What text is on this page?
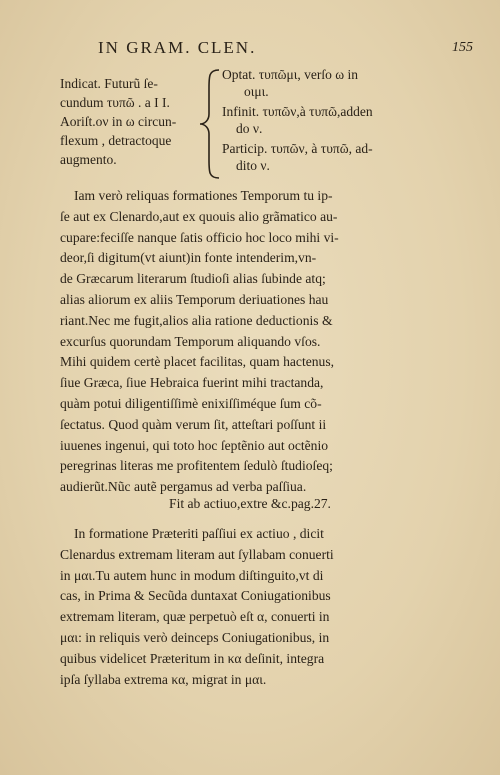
IN GRAM. CLEN.	155

Indicat. Futurũ ſe-

cundum τυπῶ . a I I.

Aoriſt.ον in ω circun-

flexum , detractoque

augmento.

Optat. τυπῶμι, verſo ω in
οιμι.
Infinit. τυπῶν,à τυπῶ,adden
do ν.
Particip. τυπῶν, à τυπῶ, ad-
dito ν.
Iam verò reliquas formationes Temporum tu ip-
ſe aut ex Clenardo,aut ex quouis alio grãmatico au-
cupare:feciſſe nanque ſatis officio hoc loco mihi vi-
deor,ſi digitum(vt aiunt)in fonte intenderim,vn-
de Græcarum literarum ſtudioſi alias ſubinde atq;
alias aliorum ex aliis Temporum deriuationes hau
riant.Nec me fugit,alios alia ratione deductionis &
excurſus quorundam Temporum aliquando vſos.
Mihi quidem certè placet facilitas, quam hactenus,
ſiue Græca, ſiue Hebraica fuerint mihi tractanda,
quàm potui diligentiſſimè enixiſſiméque ſum cõ-
ſectatus. Quod quàm verum ſit, atteſtari poſſunt ii
iuuenes ingenui, qui toto hoc ſeptẽnio aut octẽnio
peregrinas literas me profitentem ſedulò ſtudioſeq;
audierũt.Nũc autẽ pergamus ad verba paſſiua.
Fit ab actiuo,extre &c.pag.27.
In formatione Præteriti paſſiui ex actiuo , dicit
Clenardus extremam literam aut ſyllabam conuerti
in μαι.Tu autem hunc in modum diſtinguito,vt di
cas, in Prima & Secũda duntaxat Coniugationibus
extremam literam, quæ perpetuò eſt α, conuerti in
μαι: in reliquis verò deinceps Coniugationibus, in
quibus videlicet Præteritum in κα deſinit, integra
ipſa ſyllaba extrema κα, migrat in μαι.
